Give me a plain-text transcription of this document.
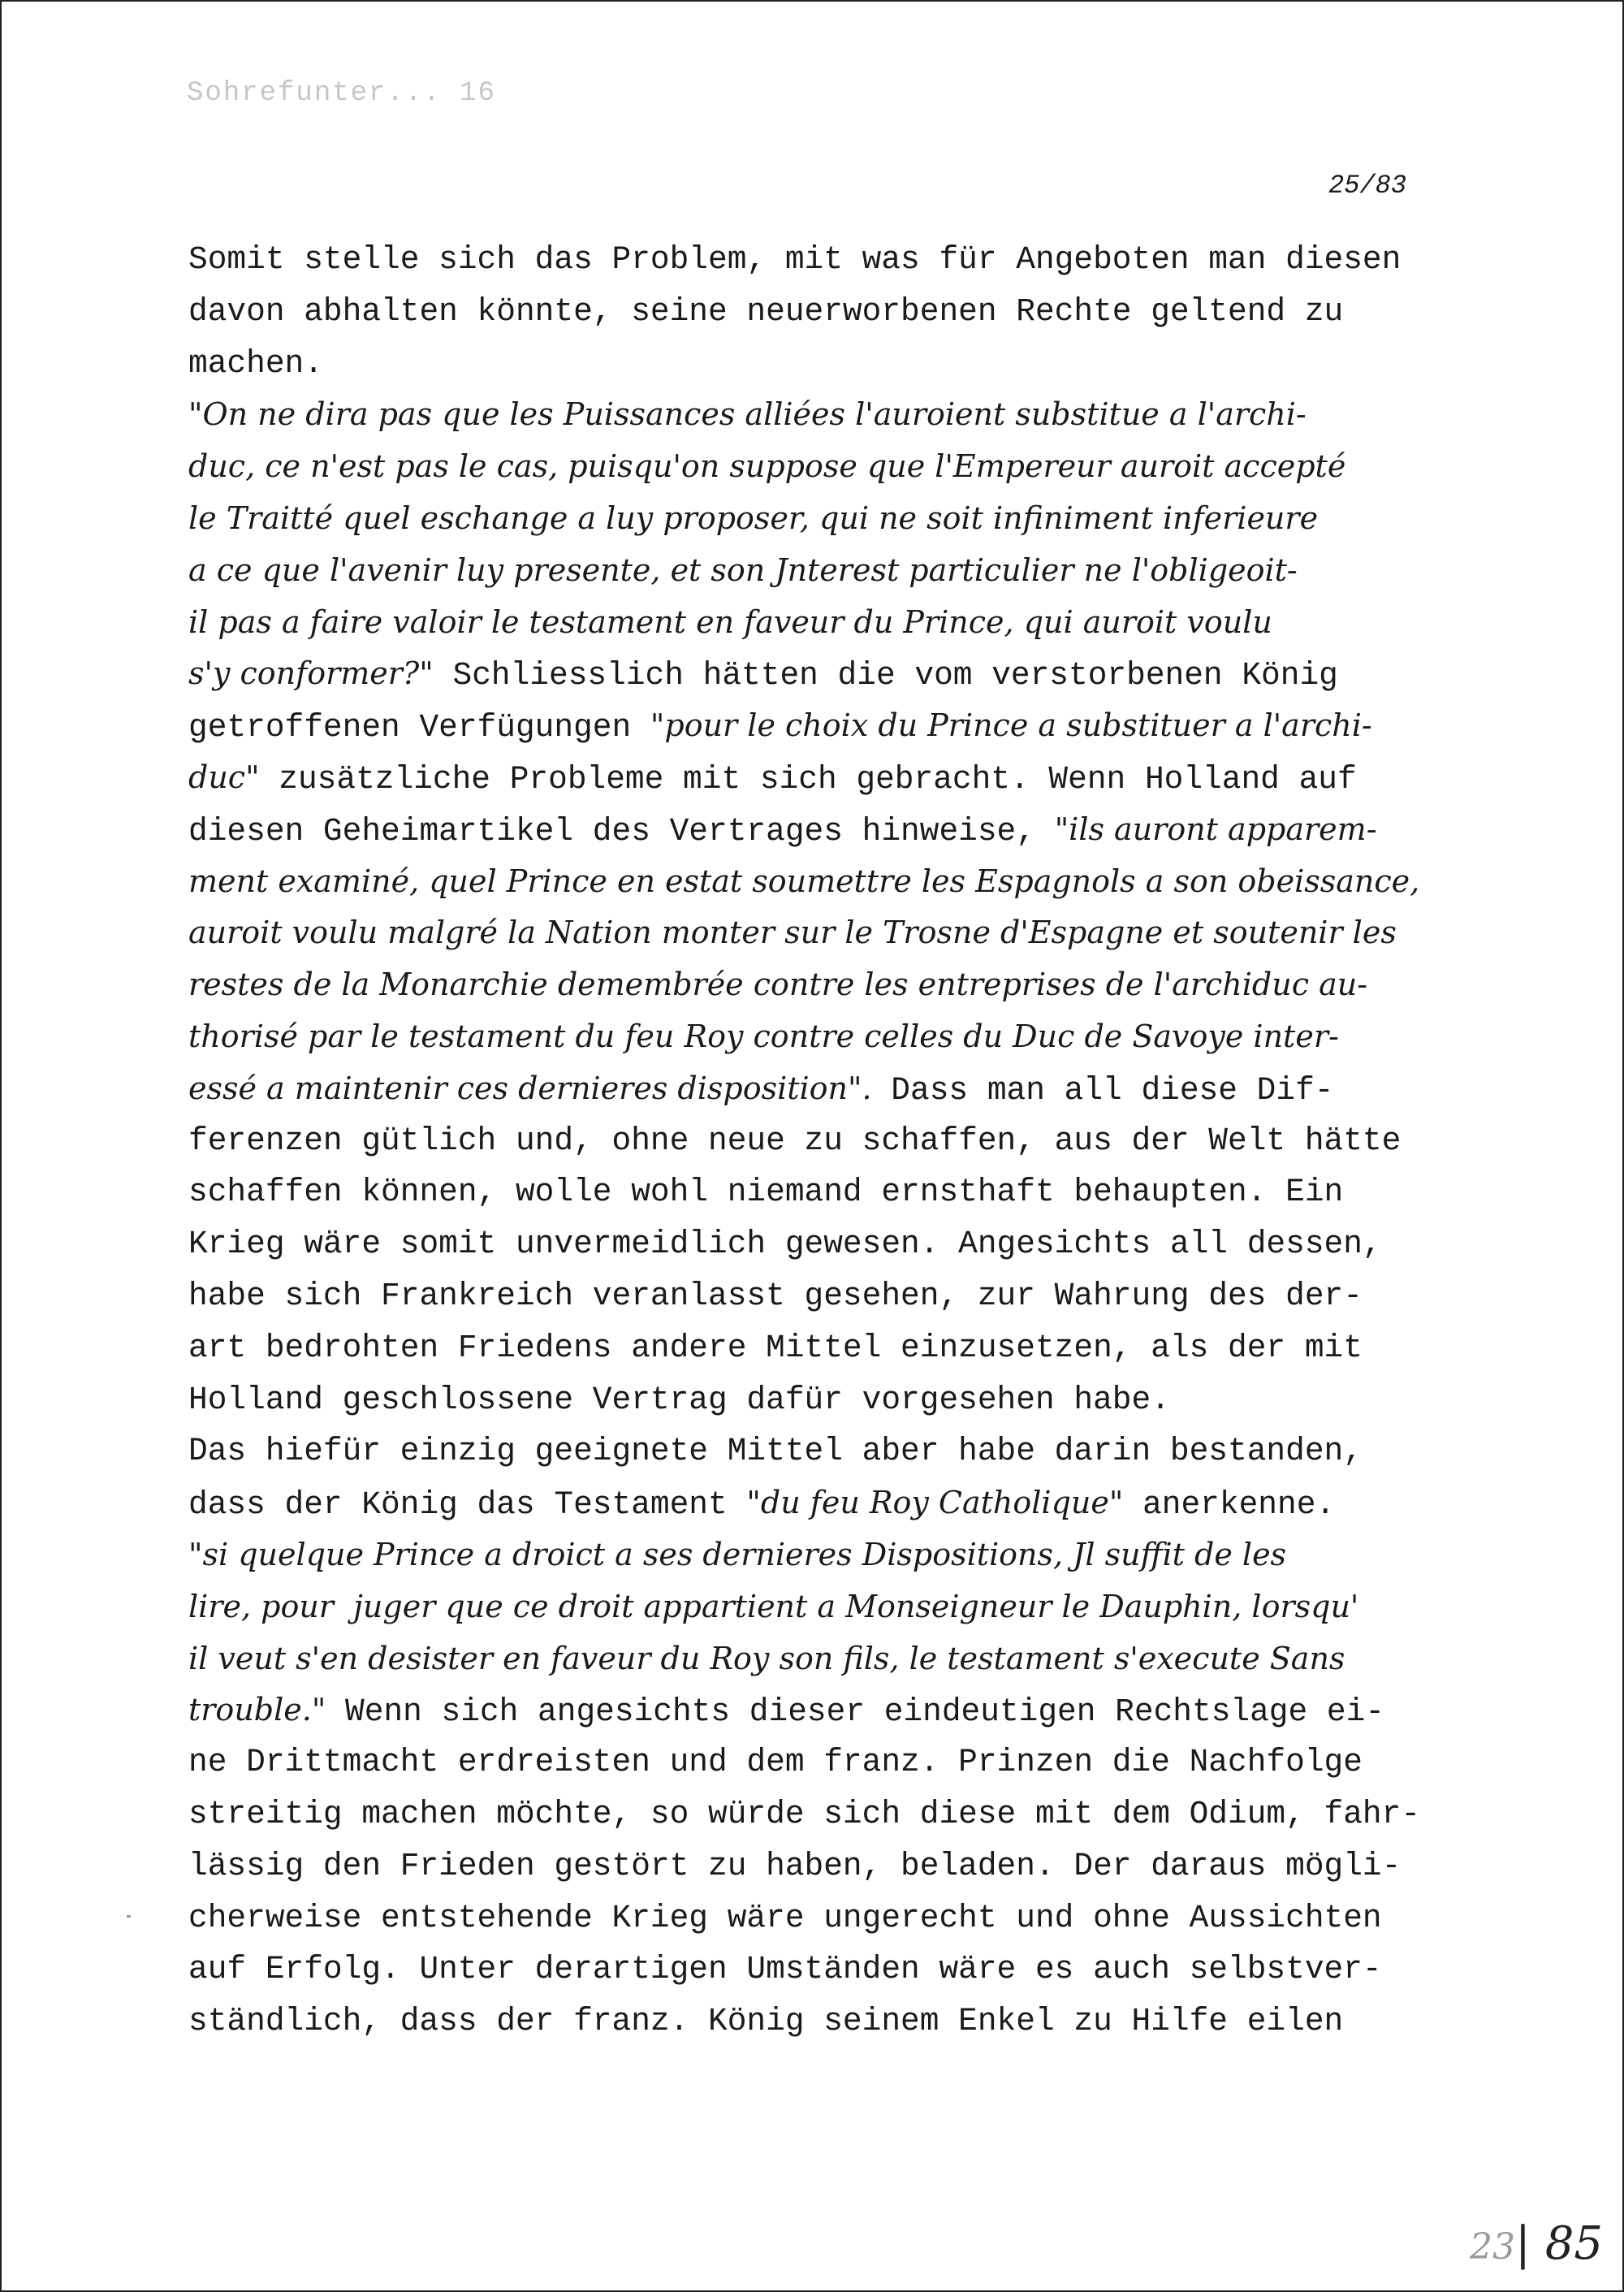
Sohrefunter... 16
25/83
Somit stelle sich das Problem, mit was für Angeboten man diesen
davon abhalten könnte, seine neuerworbenen Rechte geltend zu
machen.
"On ne dira pas que les Puissances alliées l'auroient substitue a l'archi-
duc, ce n'est pas le cas, puisqu'on suppose que l'Empereur auroit accepté
le Traitté quel eschange a luy proposer, qui ne soit infiniment inferieure
a ce que l'avenir luy presente, et son Jnterest particulier ne l'obligeoit-
il pas a faire valoir le testament en faveur du Prince, qui auroit voulu
s'y conformer?" Schliesslich hätten die vom verstorbenen König
getroffenen Verfügungen "pour le choix du Prince a substituer a l'archi-
duc" zusätzliche Probleme mit sich gebracht. Wenn Holland auf
diesen Geheimartikel des Vertrages hinweise, "ils auront apparem-
ment examiné, quel Prince en estat soumettre les Espagnols a son obeissance,
auroit voulu malgré la Nation monter sur le Trosne d'Espagne et soutenir les
restes de la Monarchie demembrée contre les entreprises de l'archiduc au-
thorisé par le testament du feu Roy contre celles du Duc de Savoye inter-
essé a maintenir ces dernieres disposition". Dass man all diese Dif-
ferenzen gütlich und, ohne neue zu schaffen, aus der Welt hätte
schaffen können, wolle wohl niemand ernsthaft behaupten. Ein
Krieg wäre somit unvermeidlich gewesen. Angesichts all dessen,
habe sich Frankreich veranlasst gesehen, zur Wahrung des der-
art bedrohten Friedens andere Mittel einzusetzen, als der mit
Holland geschlossene Vertrag dafür vorgesehen habe.
Das hiefür einzig geeignete Mittel aber habe darin bestanden,
dass der König das Testament "du feu Roy Catholique" anerkenne.
"si quelque Prince a droict a ses dernieres Dispositions, Jl suffit de les
lire, pour  juger que ce droit appartient a Monseigneur le Dauphin, lorsqu'
il veut s'en desister en faveur du Roy son fils, le testament s'execute Sans
trouble." Wenn sich angesichts dieser eindeutigen Rechtslage ei-
ne Drittmacht erdreisten und dem franz. Prinzen die Nachfolge
streitig machen möchte, so würde sich diese mit dem Odium, fahr-
lässig den Frieden gestört zu haben, beladen. Der daraus mögli-
cherweise entstehende Krieg wäre ungerecht und ohne Aussichten
auf Erfolg. Unter derartigen Umständen wäre es auch selbstver-
ständlich, dass der franz. König seinem Enkel zu Hilfe eilen
23| 85
